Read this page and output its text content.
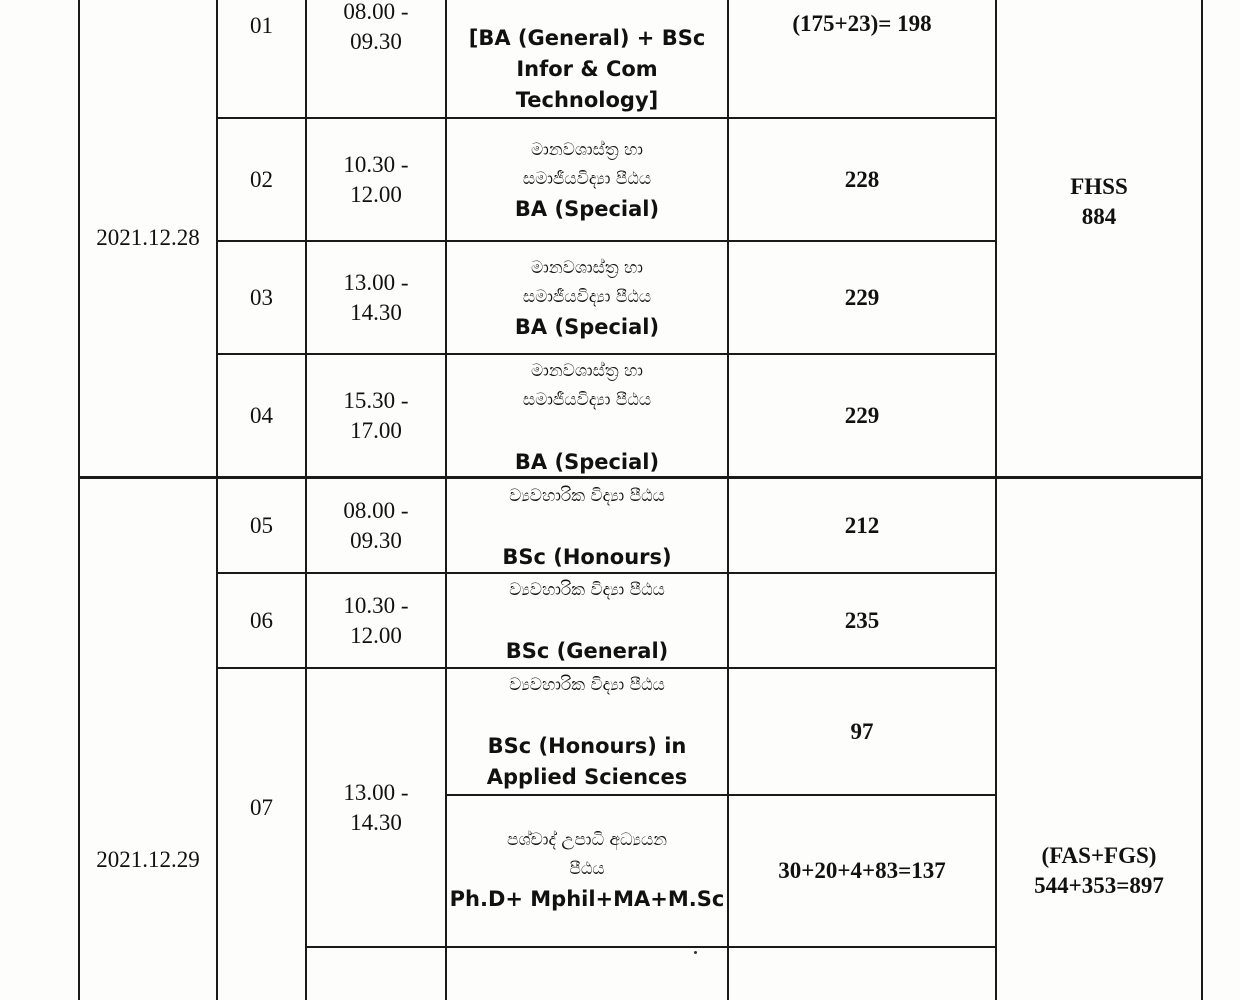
2021.12.28
FHSS
884
01
08.00 -
09.30	[BA (General) + BSc
Infor & Com
Technology]
(175+23)= 198
02
10.30 -
12.00
මානවශාස්ත්‍ර හා
සමාජීයවිද්‍යා පීඨය
BA (Special)
228
03
13.00 -
14.30
මානවශාස්ත්‍ර හා
සමාජීයවිද්‍යා පීඨය
BA (Special)
229
04
15.30 -
17.00
මානවශාස්ත්‍ර හා
සමාජීයවිද්‍යා පීඨය
BA (Special)
229
2021.12.29	(FAS+FGS)
544+353=897
05
08.00 -
09.30
ව්‍යවහාරික විද්‍යා පීඨය
BSc (Honours)
212
06
10.30 -
12.00
ව්‍යවහාරික විද්‍යා පීඨය
BSc (General)
235
07
13.00 -
14.30
ව්‍යවහාරික විද්‍යා පීඨය
BSc (Honours) in
Applied Sciences
97
පශ්චාද් උපාධි අධ්‍යයන
පීඨය
Ph.D+ Mphil+MA+M.Sc
30+20+4+83=137
